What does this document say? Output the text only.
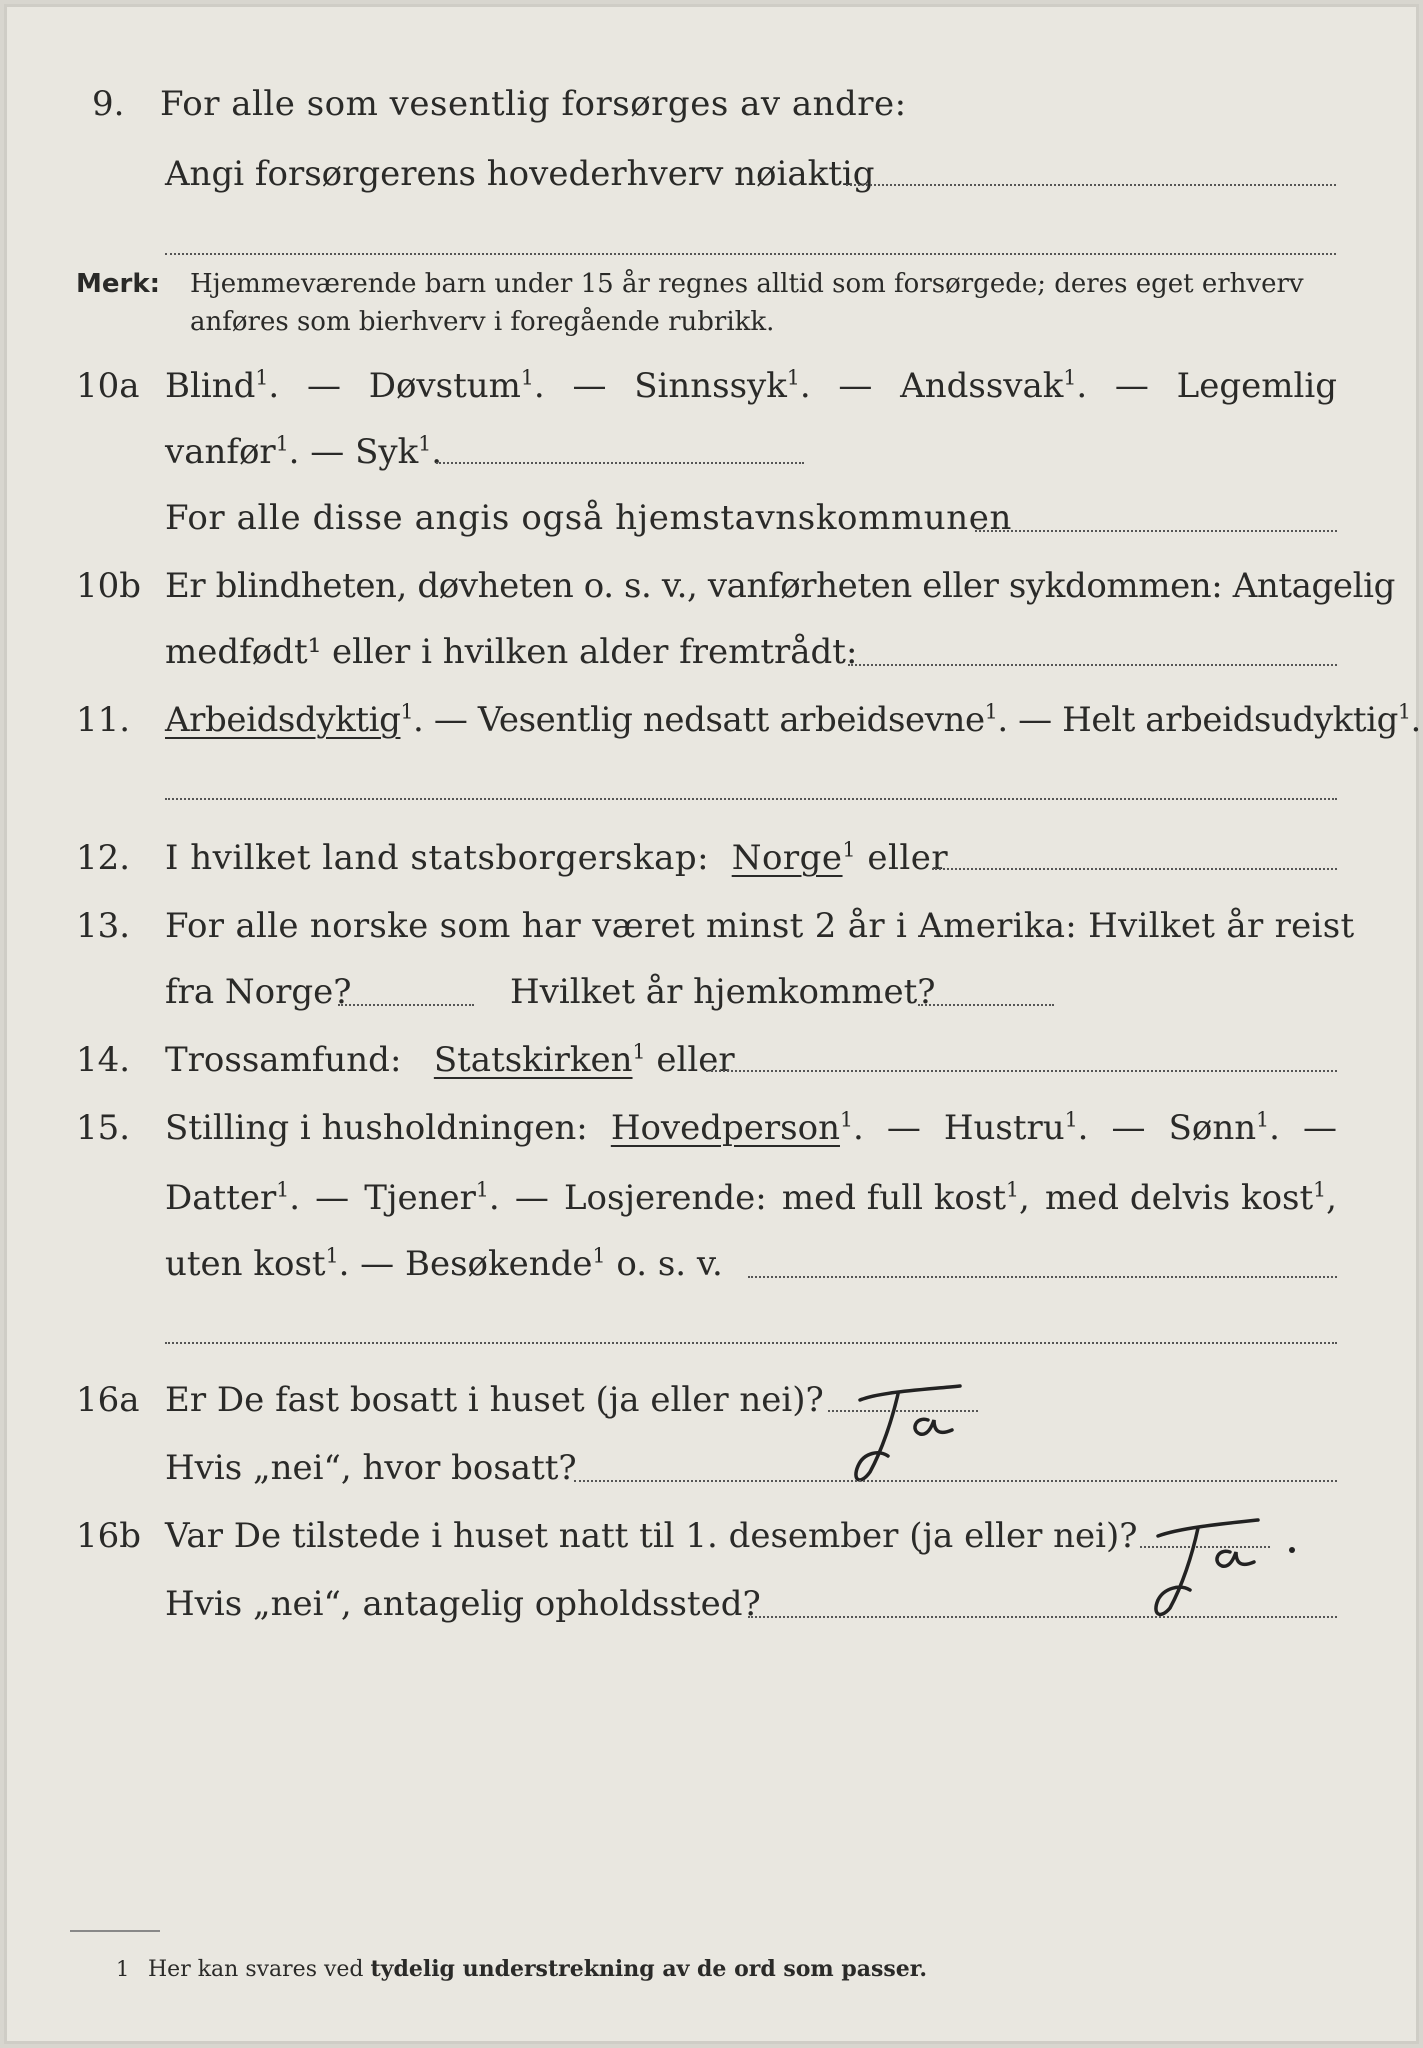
9. For alle som vesentlig forsørges av andre:
Angi forsørgerens hovederhverv nøiaktig
Merk: Hjemmeværende barn under 15 år regnes alltid som forsørgede; deres eget erhverv
anføres som bierhverv i foregående rubrikk.
10a Blind$^1$. — Døvstum$^1$. — Sinnssyk$^1$. — Andssvak$^1$. — Legemlig
vanfør$^1$. — Syk$^1$.
For alle disse angis også hjemstavnskommunen
10b Er blindheten, døvheten o. s. v., vanførheten eller sykdommen: Antagelig
medfødt¹ eller i hvilken alder fremtrådt:
11. Arbeidsdyktig$^1$. — Vesentlig nedsatt arbeidsevne$^1$. — Helt arbeidsudyktig$^1$.
12. I hvilket land statsborgerskap: Norge$^1$ eller
13. For alle norske som har været minst 2 år i Amerika: Hvilket år reist
fra Norge?	Hvilket år hjemkommet?
14. Trossamfund: Statskirken$^1$ eller
15. Stilling i husholdningen: Hovedperson$^1$. — Hustru$^1$. — Sønn$^1$. —
Datter$^1$. — Tjener$^1$. — Losjerende: med full kost$^1$, med delvis kost$^1$,
uten kost$^1$. — Besøkende$^1$ o. s. v.
16a Er De fast bosatt i huset (ja eller nei)?
Hvis „nei“, hvor bosatt?
16b Var De tilstede i huset natt til 1. desember (ja eller nei)?
Hvis „nei“, antagelig opholdssted?
1 Her kan svares ved tydelig understrekning av de ord som passer.
